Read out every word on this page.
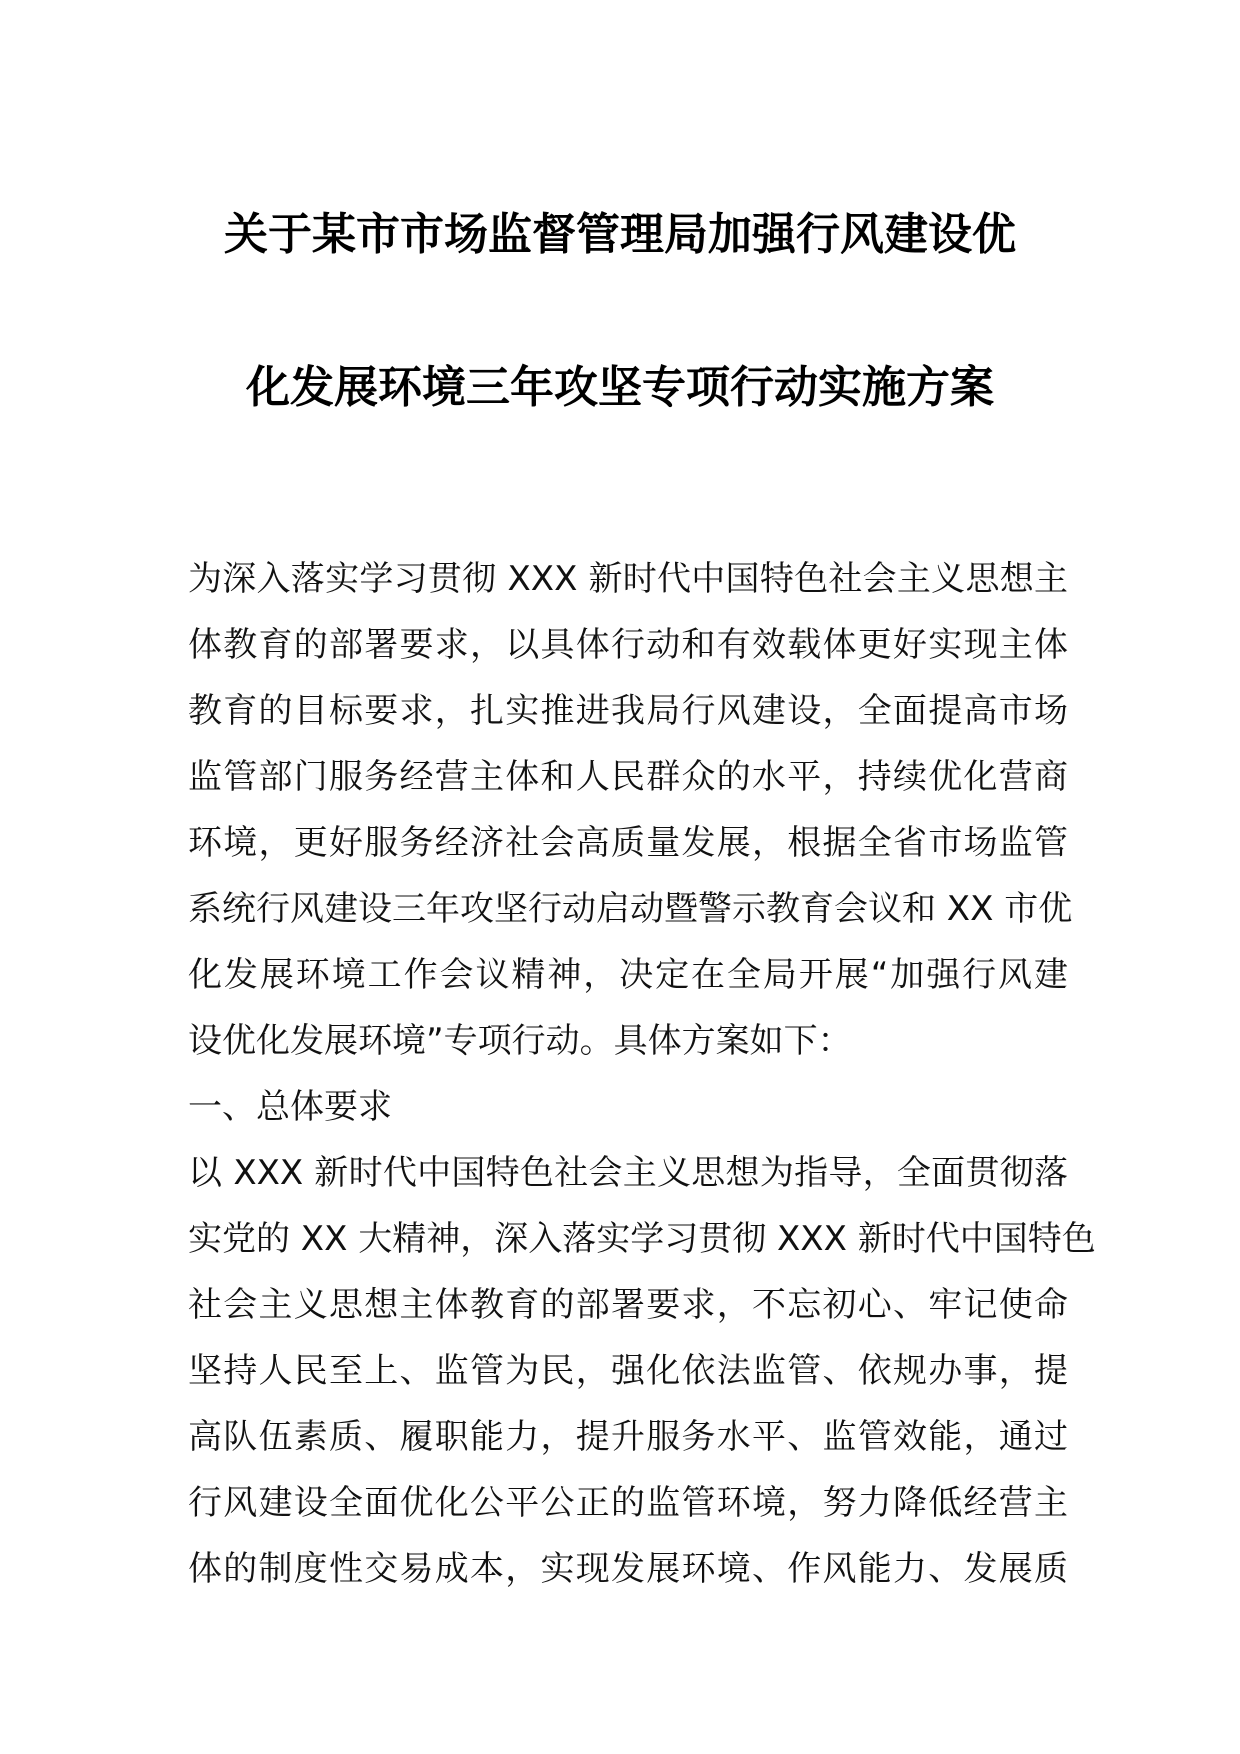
关于某市市场监督管理局加强行风建设优
化发展环境三年攻坚专项行动实施方案
为深入落实学习贯彻 XXX 新时代中国特色社会主义思想主
体教育的部署要求，以具体行动和有效载体更好实现主体
教育的目标要求，扎实推进我局行风建设，全面提高市场
监管部门服务经营主体和人民群众的水平，持续优化营商
环境，更好服务经济社会高质量发展，根据全省市场监管
系统行风建设三年攻坚行动启动暨警示教育会议和 XX 市优
化发展环境工作会议精神，决定在全局开展“加强行风建
设优化发展环境”专项行动。具体方案如下：
一、总体要求
以 XXX 新时代中国特色社会主义思想为指导，全面贯彻落
实党的 XX 大精神，深入落实学习贯彻 XXX 新时代中国特色
社会主义思想主体教育的部署要求，不忘初心、牢记使命
坚持人民至上、监管为民，强化依法监管、依规办事，提
高队伍素质、履职能力，提升服务水平、监管效能，通过
行风建设全面优化公平公正的监管环境，努力降低经营主
体的制度性交易成本，实现发展环境、作风能力、发展质
